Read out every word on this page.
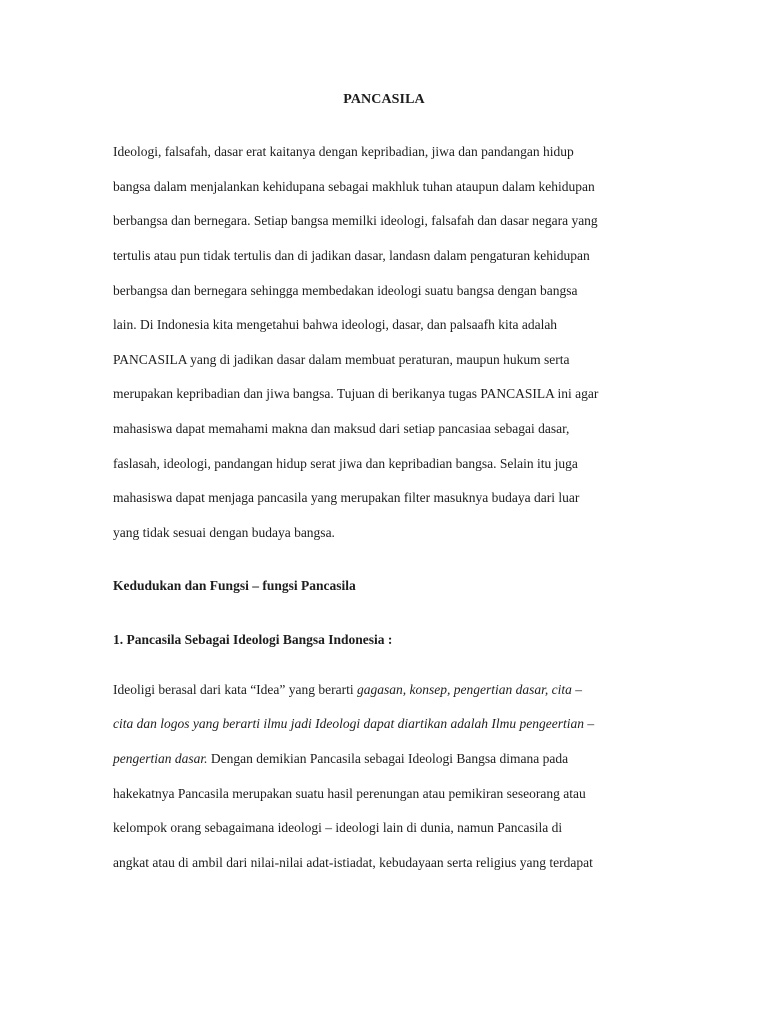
PANCASILA
Ideologi, falsafah, dasar erat kaitanya dengan kepribadian, jiwa dan pandangan hidup
bangsa dalam menjalankan kehidupana sebagai makhluk tuhan ataupun dalam kehidupan
berbangsa dan bernegara. Setiap bangsa memilki ideologi, falsafah dan dasar negara yang
tertulis atau pun tidak tertulis dan di jadikan dasar, landasn dalam pengaturan kehidupan
berbangsa dan bernegara sehingga membedakan ideologi suatu bangsa dengan bangsa
lain. Di Indonesia kita mengetahui bahwa ideologi, dasar, dan palsaafh kita adalah
PANCASILA yang di jadikan dasar dalam membuat peraturan, maupun hukum serta
merupakan kepribadian dan jiwa bangsa. Tujuan di berikanya tugas PANCASILA ini agar
mahasiswa dapat memahami makna dan maksud dari setiap pancasiaa sebagai dasar,
faslasah, ideologi, pandangan hidup serat jiwa dan kepribadian bangsa. Selain itu juga
mahasiswa dapat menjaga pancasila yang merupakan filter masuknya budaya dari luar
yang tidak sesuai dengan budaya bangsa.
Kedudukan dan Fungsi – fungsi Pancasila
1. Pancasila Sebagai Ideologi Bangsa Indonesia :
Ideoligi berasal dari kata “Idea” yang berarti gagasan, konsep, pengertian dasar, cita –
cita dan logos yang berarti ilmu jadi Ideologi dapat diartikan adalah Ilmu pengeertian –
pengertian dasar. Dengan demikian Pancasila sebagai Ideologi Bangsa dimana pada
hakekatnya Pancasila merupakan suatu hasil perenungan atau pemikiran seseorang atau
kelompok orang sebagaimana ideologi – ideologi lain di dunia, namun Pancasila di
angkat atau di ambil dari nilai-nilai adat-istiadat, kebudayaan serta religius yang terdapat
